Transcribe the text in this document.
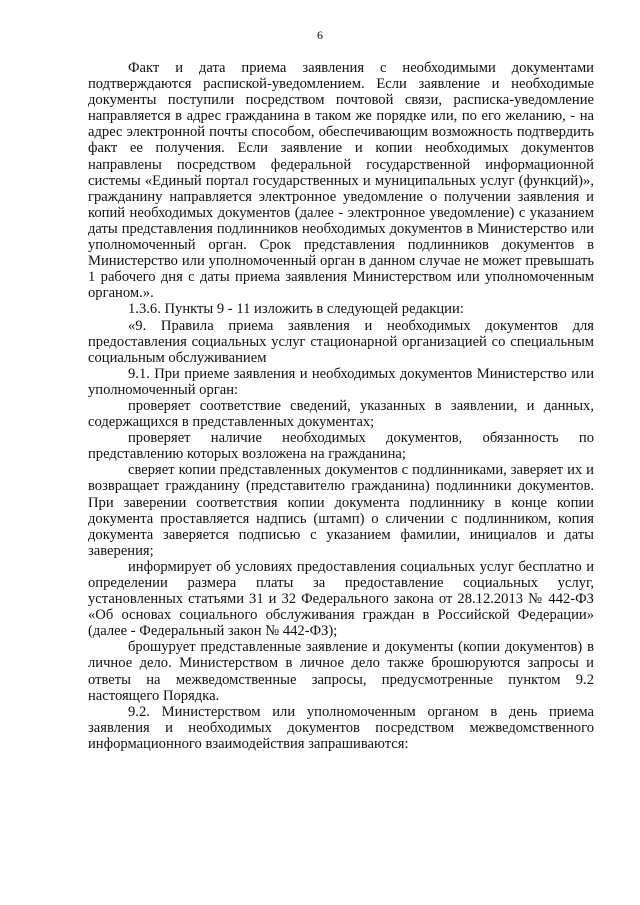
6

Факт и дата приема заявления с необходимыми документами подтверждаются распиской-уведомлением. Если заявление и необходимые документы поступили посредством почтовой связи, расписка-уведомление направляется в адрес гражданина в таком же порядке или, по его желанию, - на адрес электронной почты способом, обеспечивающим возможность подтвердить факт ее получения. Если заявление и копии необходимых документов направлены посредством федеральной государственной информационной системы «Единый портал государственных и муниципальных услуг (функций)», гражданину направляется электронное уведомление о получении заявления и копий необходимых документов (далее - электронное уведомление) с указанием даты представления подлинников необходимых документов в Министерство или уполномоченный орган. Срок представления подлинников документов в Министерство или уполномоченный орган в данном случае не может превышать 1 рабочего дня с даты приема заявления Министерством или уполномоченным органом.».

1.3.6. Пункты 9 - 11 изложить в следующей редакции:

«9. Правила приема заявления и необходимых документов для предоставления социальных услуг стационарной организацией со специальным социальным обслуживанием

9.1. При приеме заявления и необходимых документов Министерство или уполномоченный орган:

проверяет соответствие сведений, указанных в заявлении, и данных, содержащихся в представленных документах;

проверяет наличие необходимых документов, обязанность по представлению которых возложена на гражданина;

сверяет копии представленных документов с подлинниками, заверяет их и возвращает гражданину (представителю гражданина) подлинники документов. При заверении соответствия копии документа подлиннику в конце копии документа проставляется надпись (штамп) о сличении с подлинником, копия документа заверяется подписью с указанием фамилии, инициалов и даты заверения;

информирует об условиях предоставления социальных услуг бесплатно и определении размера платы за предоставление социальных услуг, установленных статьями 31 и 32 Федерального закона от 28.12.2013 № 442-ФЗ «Об основах социального обслуживания граждан в Российской Федерации» (далее - Федеральный закон № 442-ФЗ);

брошурует представленные заявление и документы (копии документов) в личное дело. Министерством в личное дело также брошюруются запросы и ответы на межведомственные запросы, предусмотренные пунктом 9.2 настоящего Порядка.

9.2. Министерством или уполномоченным органом в день приема заявления и необходимых документов посредством межведомственного информационного взаимодействия запрашиваются:
